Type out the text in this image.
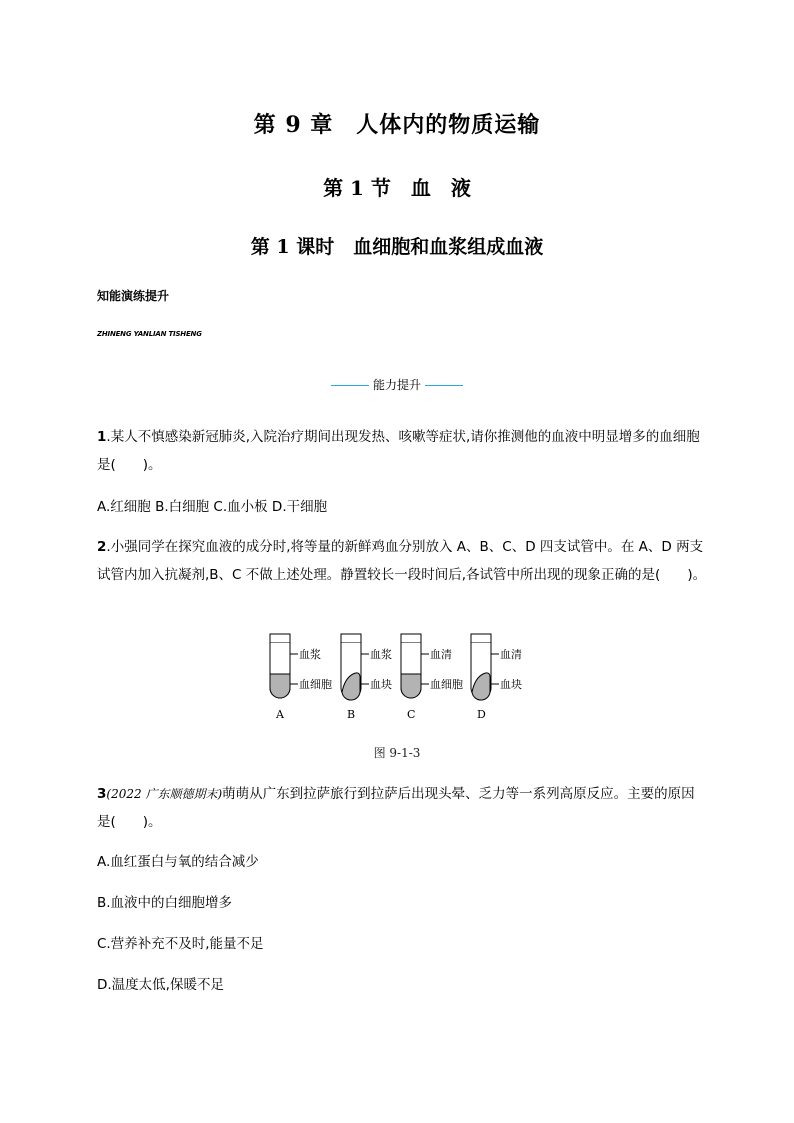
第 9 章　人体内的物质运输
第 1 节　血　液
第 1 课时　血细胞和血浆组成血液
知能演练提升
ZHINENG YANLIAN TISHENG
能力提升
1.某人不慎感染新冠肺炎,入院治疗期间出现发热、咳嗽等症状,请你推测他的血液中明显增多的血细胞是(　　)。
A.红细胞 B.白细胞 C.血小板 D.干细胞
2.小强同学在探究血液的成分时,将等量的新鲜鸡血分别放入 A、B、C、D 四支试管中。在 A、D 两支试管内加入抗凝剂,B、C 不做上述处理。静置较长一段时间后,各试管中所出现的现象正确的是(　　)。
血浆
血细胞
A
血浆
血块
B
血清
血细胞
C
血清
血块
D
图 9-1-3
3(2022 广东顺德期末)萌萌从广东到拉萨旅行到拉萨后出现头晕、乏力等一系列高原反应。主要的原因是(　　)。
A.血红蛋白与氧的结合减少
B.血液中的白细胞增多
C.营养补充不及时,能量不足
D.温度太低,保暖不足
